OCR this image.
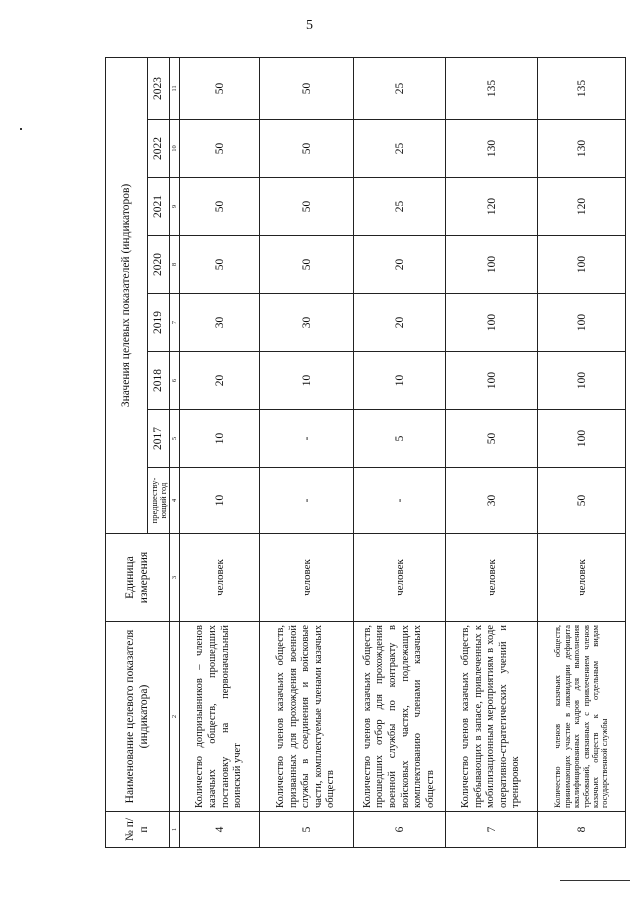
5
№ п/п	Наименование целевого показателя (индикатора)	Единица измерения	Значения целевых показателей (индикаторов)							
			предшеству-ющий год	2017	2018	2019	2020	2021	2022	2023
1	2	3	4	5	6	7	8	9	10	11
4	Количество допризывников – членов казачьих обществ, прошедших постановку на первоначальный воинский учет	человек	10	10	20	30	50	50	50	50
5	Количество членов казачьих обществ, призванных для прохождения военной службы в соединения и войсковые части, комплектуемые членами казачьих обществ	человек	-	-	10	30	50	50	50	50
6	Количество членов казачьих обществ, прошедших отбор для прохождения военной службы по контракту в войсковых частях, подлежащих комплектованию членами казачьих обществ	человек	-	5	10	20	20	25	25	25
7	Количество членов казачьих обществ, пребывающих в запасе, привлеченных к мобилизационным мероприятиям в ходе оперативно-стратегических учений и тренировок	человек	30	50	100	100	100	120	130	135
8	Количество членов казачьих обществ, принимающих участие в ликвидации дефицита квалифицированных кадров для выполнения требований, связанных с привлечением членов казачьих обществ к отдельным видам государственной службы	человек	50	100	100	100	100	120	130	135
